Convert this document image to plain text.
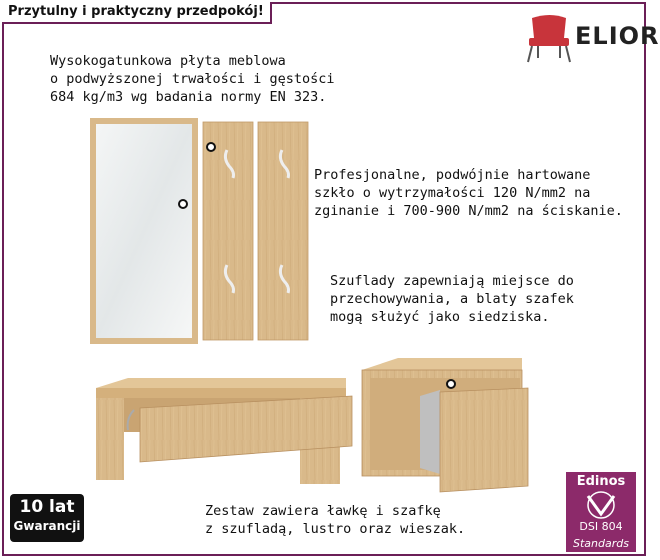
Przytulny i praktyczny przedpokój!
ELIOR
Wysokogatunkowa płyta meblowa
o podwyższonej trwałości i gęstości
684 kg/m3 wg badania normy EN 323.
Profesjonalne, podwójnie hartowane
szkło o wytrzymałości 120 N/mm2 na
zginanie i 700-900 N/mm2 na ściskanie.
Szuflady zapewniają miejsce do
przechowywania, a blaty szafek
mogą służyć jako siedziska.
Zestaw zawiera ławkę i szafkę
z szufladą, lustro oraz wieszak.
10 lat
Gwarancji
Edinos
DSI 804
Standards
